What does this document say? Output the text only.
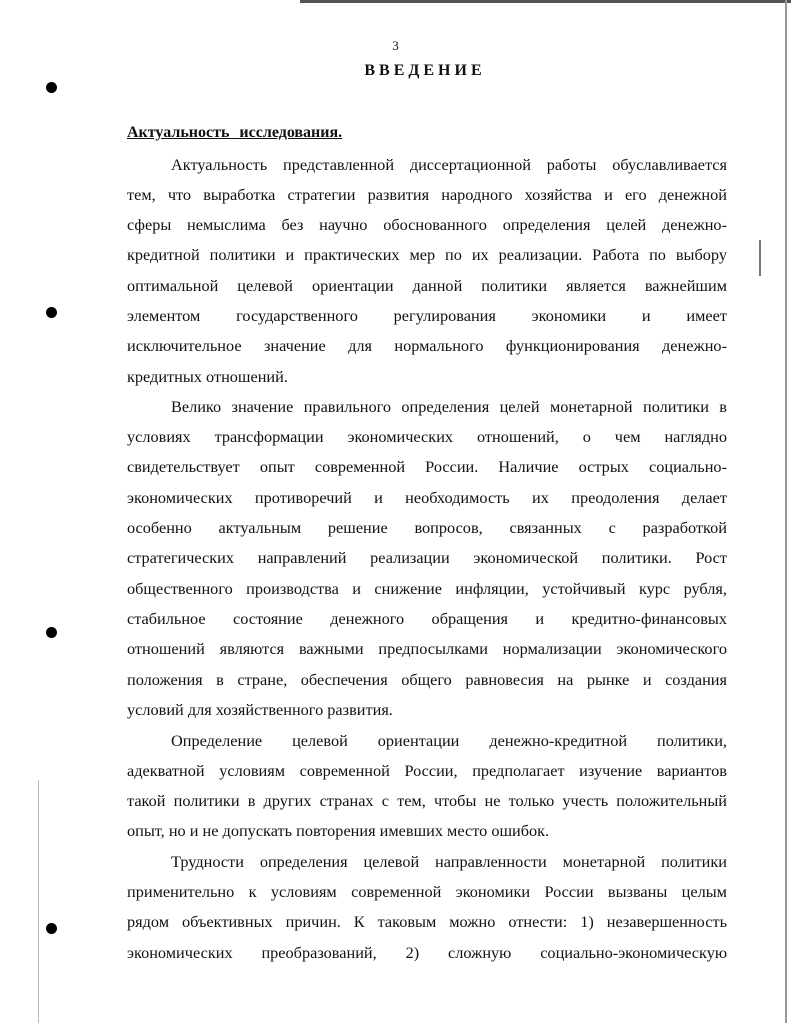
3
ВВЕДЕНИЕ
Актуальность исследования.
Актуальность представленной диссертационной работы обуславливается
тем, что выработка стратегии развития народного хозяйства и его денежной
сферы немыслима без научно обоснованного определения целей денежно-
кредитной политики и практических мер по их реализации. Работа по выбору
оптимальной целевой ориентации данной политики является важнейшим
элементом государственного регулирования экономики и имеет
исключительное значение для нормального функционирования денежно-
кредитных отношений.
Велико значение правильного определения целей монетарной политики в
условиях трансформации экономических отношений, о чем наглядно
свидетельствует опыт современной России. Наличие острых социально-
экономических противоречий и необходимость их преодоления делает
особенно актуальным решение вопросов, связанных с разработкой
стратегических направлений реализации экономической политики. Рост
общественного производства и снижение инфляции, устойчивый курс рубля,
стабильное состояние денежного обращения и кредитно-финансовых
отношений являются важными предпосылками нормализации экономического
положения в стране, обеспечения общего равновесия на рынке и создания
условий для хозяйственного развития.
Определение целевой ориентации денежно-кредитной политики,
адекватной условиям современной России, предполагает изучение вариантов
такой политики в других странах с тем, чтобы не только учесть положительный
опыт, но и не допускать повторения имевших место ошибок.
Трудности определения целевой направленности монетарной политики
применительно к условиям современной экономики России вызваны целым
рядом объективных причин. К таковым можно отнести: 1) незавершенность
экономических преобразований, 2) сложную социально-экономическую
